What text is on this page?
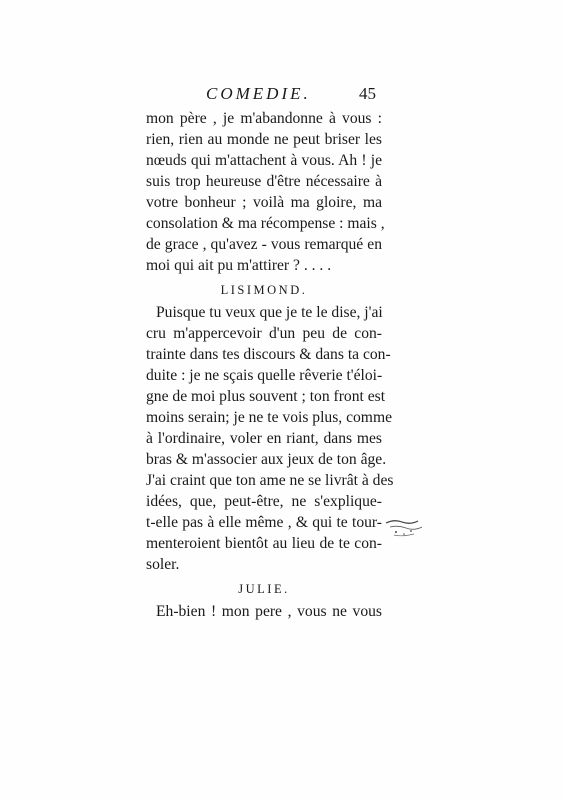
COMEDIE.	45
mon père , je m'abandonne à vous :
rien, rien au monde ne peut briser les
nœuds qui m'attachent à vous. Ah ! je
suis trop heureuse d'être nécessaire à
votre bonheur ; voilà ma gloire, ma
consolation & ma récompense : mais ,
de grace , qu'avez - vous remarqué en
moi qui ait pu m'attirer ? . . . .
LISIMOND.
Puisque tu veux que je te le dise, j'ai
cru m'appercevoir d'un peu de con-
trainte dans tes discours & dans ta con-
duite : je ne sçais quelle rêverie t'éloi-
gne de moi plus souvent ; ton front est
moins serain; je ne te vois plus, comme
à l'ordinaire, voler en riant, dans mes
bras & m'associer aux jeux de ton âge.
J'ai craint que ton ame ne se livrât à des
idées, que, peut-être, ne s'explique-
t-elle pas à elle même , & qui te tour-
menteroient bientôt au lieu de te con-
soler.
JULIE.
Eh-bien ! mon pere , vous ne vous
